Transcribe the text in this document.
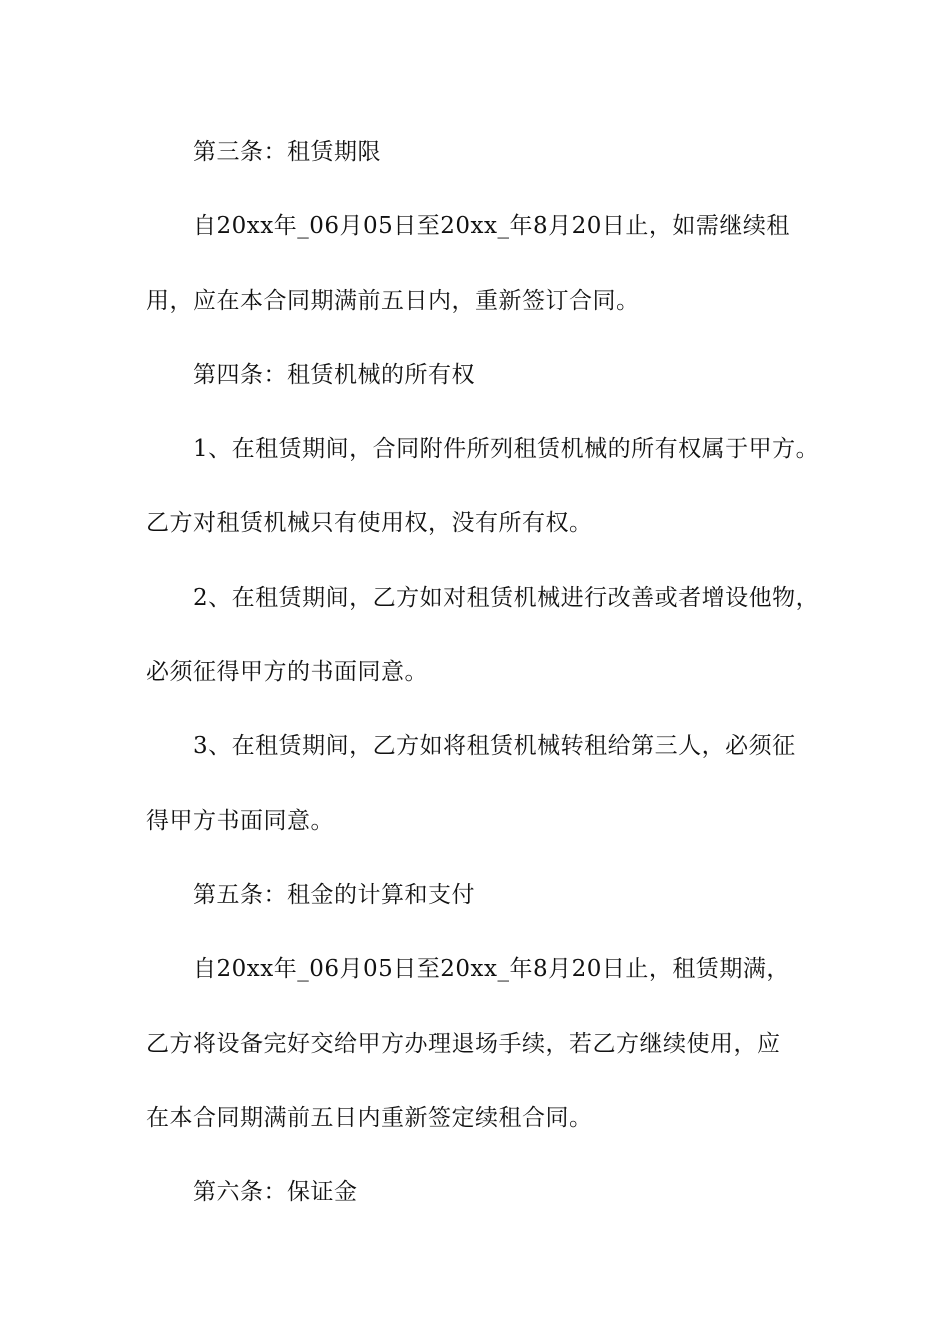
第三条：租赁期限
自20xx年_06月05日至20xx_年8月20日止，如需继续租
用，应在本合同期满前五日内，重新签订合同。
第四条：租赁机械的所有权
1、在租赁期间，合同附件所列租赁机械的所有权属于甲方。
乙方对租赁机械只有使用权，没有所有权。
2、在租赁期间，乙方如对租赁机械进行改善或者增设他物，
必须征得甲方的书面同意。
3、在租赁期间，乙方如将租赁机械转租给第三人，必须征
得甲方书面同意。
第五条：租金的计算和支付
自20xx年_06月05日至20xx_年8月20日止，租赁期满，
乙方将设备完好交给甲方办理退场手续，若乙方继续使用，应
在本合同期满前五日内重新签定续租合同。
第六条：保证金
